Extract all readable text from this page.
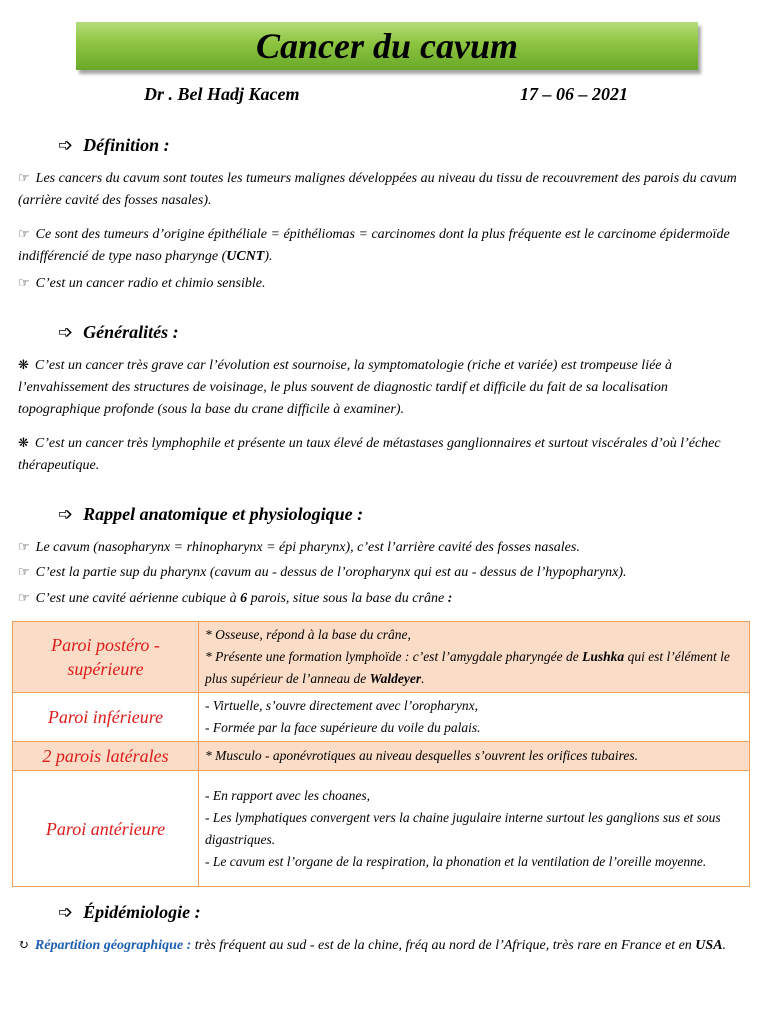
Cancer du cavum
Dr . Bel Hadj Kacem	17 – 06 – 2021
➩ Définition :
☞ Les cancers du cavum sont toutes les tumeurs malignes développées au niveau du tissu de recouvrement des parois du cavum (arrière cavité des fosses nasales).
☞ Ce sont des tumeurs d’origine épithéliale = épithéliomas = carcinomes dont la plus fréquente est le carcinome épidermoïde indifférencié de type naso pharynge (UCNT).
☞ C’est un cancer radio et chimio sensible.
➩ Généralités :
❋ C’est un cancer très grave car l’évolution est sournoise, la symptomatologie (riche et variée) est trompeuse liée à l’envahissement des structures de voisinage, le plus souvent de diagnostic tardif et difficile du fait de sa localisation topographique profonde (sous la base du crane difficile à examiner).
❋ C’est un cancer très lymphophile et présente un taux élevé de métastases ganglionnaires et surtout viscérales d’où l’échec thérapeutique.
➩ Rappel anatomique et physiologique :
☞ Le cavum (nasopharynx = rhinopharynx = épi pharynx), c’est l’arrière cavité des fosses nasales.
☞ C’est la partie sup du pharynx (cavum au - dessus de l’oropharynx qui est au - dessus de l’hypopharynx).
☞ C’est une cavité aérienne cubique à 6 parois, situe sous la base du crâne :
Paroi postéro - supérieure	* Osseuse, répond à la base du crâne,
* Présente une formation lymphoïde : c’est l’amygdale pharyngée de Lushka qui est l’élément le plus supérieur de l’anneau de Waldeyer.

Paroi inférieure	- Virtuelle, s’ouvre directement avec l’oropharynx,
- Formée par la face supérieure du voile du palais.

2 parois latérales	* Musculo - aponévrotiques au niveau desquelles s’ouvrent les orifices tubaires.

Paroi antérieure	- En rapport avec les choanes,
- Les lymphatiques convergent vers la chaine jugulaire interne surtout les ganglions sus et sous digastriques.
- Le cavum est l’organe de la respiration, la phonation et la ventilation de l’oreille moyenne.
➩ Épidémiologie :
↻ Répartition géographique : très fréquent au sud - est de la chine, fréq au nord de l’Afrique, très rare en France et en USA.
